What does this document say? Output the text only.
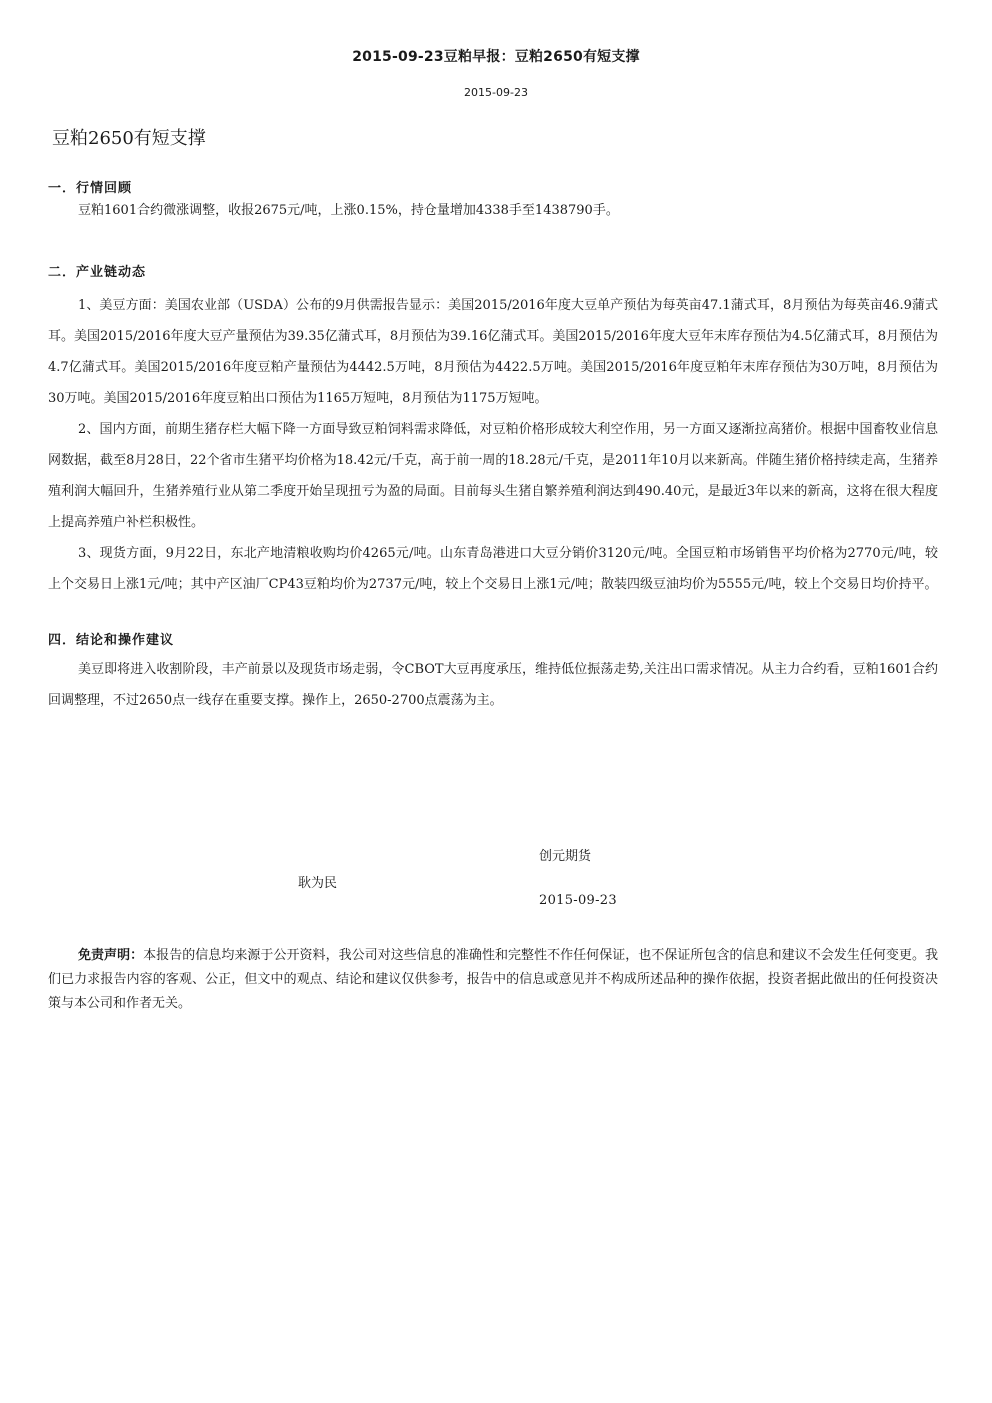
2015-09-23豆粕早报：豆粕2650有短支撑
2015-09-23
豆粕2650有短支撑

一．行情回顾

豆粕1601合约微涨调整，收报2675元/吨，上涨0.15%，持仓量增加4338手至1438790手。

二．产业链动态

1、美豆方面：美国农业部（USDA）公布的9月供需报告显示：美国2015/2016年度大豆单产预估为每英亩47.1蒲式耳，8月预估为每英亩46.9蒲式耳。美国2015/2016年度大豆产量预估为39.35亿蒲式耳，8月预估为39.16亿蒲式耳。美国2015/2016年度大豆年末库存预估为4.5亿蒲式耳，8月预估为4.7亿蒲式耳。美国2015/2016年度豆粕产量预估为4442.5万吨，8月预估为4422.5万吨。美国2015/2016年度豆粕年末库存预估为30万吨，8月预估为30万吨。美国2015/2016年度豆粕出口预估为1165万短吨，8月预估为1175万短吨。

2、国内方面，前期生猪存栏大幅下降一方面导致豆粕饲料需求降低，对豆粕价格形成较大利空作用，另一方面又逐渐拉高猪价。根据中国畜牧业信息网数据，截至8月28日，22个省市生猪平均价格为18.42元/千克，高于前一周的18.28元/千克，是2011年10月以来新高。伴随生猪价格持续走高，生猪养殖利润大幅回升，生猪养殖行业从第二季度开始呈现扭亏为盈的局面。目前每头生猪自繁养殖利润达到490.40元，是最近3年以来的新高，这将在很大程度上提高养殖户补栏积极性。

3、现货方面，9月22日，东北产地清粮收购均价4265元/吨。山东青岛港进口大豆分销价3120元/吨。全国豆粕市场销售平均价格为2770元/吨，较上个交易日上涨1元/吨；其中产区油厂CP43豆粕均价为2737元/吨，较上个交易日上涨1元/吨；散装四级豆油均价为5555元/吨，较上个交易日均价持平。

四．结论和操作建议

美豆即将进入收割阶段，丰产前景以及现货市场走弱，令CBOT大豆再度承压，维持低位振荡走势,关注出口需求情况。从主力合约看，豆粕1601合约回调整理，不过2650点一线存在重要支撑。操作上，2650-2700点震荡为主。

创元期货
耿为民
2015-09-23

免责声明：本报告的信息均来源于公开资料，我公司对这些信息的准确性和完整性不作任何保证，也不保证所包含的信息和建议不会发生任何变更。我们已力求报告内容的客观、公正，但文中的观点、结论和建议仅供参考，报告中的信息或意见并不构成所述品种的操作依据，投资者据此做出的任何投资决策与本公司和作者无关。
